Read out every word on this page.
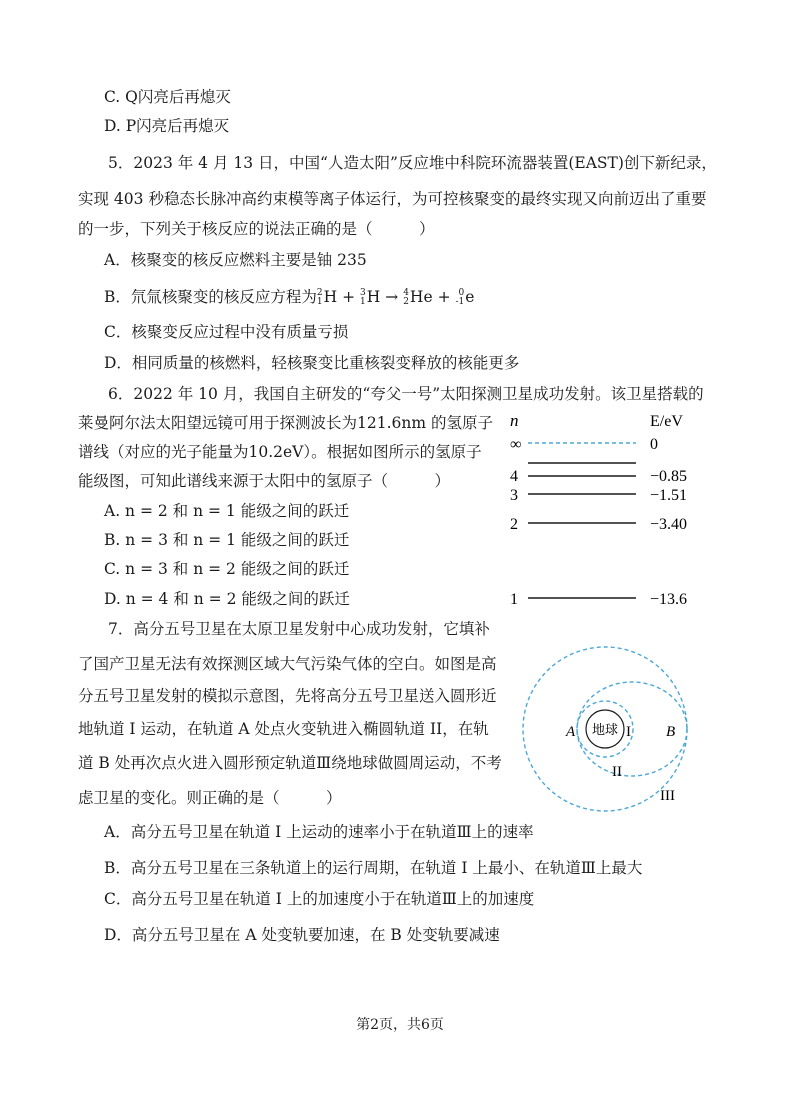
C. Q闪亮后再熄灭
D. P闪亮后再熄灭
5．2023 年 4 月 13 日，中国“人造太阳”反应堆中科院环流器装置(EAST)创下新纪录，
实现 403 秒稳态长脉冲高约束模等离子体运行，为可控核聚变的最终实现又向前迈出了重要
的一步，下列关于核反应的说法正确的是（　　　）
A．核聚变的核反应燃料主要是铀 235
B．氘氚核聚变的核反应方程为 2
1 H + 3
1 H → 4
2 He + 0
-1 e
C．核聚变反应过程中没有质量亏损
D．相同质量的核燃料，轻核聚变比重核裂变释放的核能更多
6．2022 年 10 月，我国自主研发的“夸父一号”太阳探测卫星成功发射。该卫星搭载的
莱曼阿尔法太阳望远镜可用于探测波长为121.6nm 的氢原子
谱线（对应的光子能量为10.2eV）。根据如图所示的氢原子
能级图，可知此谱线来源于太阳中的氢原子（　　　）
A. n = 2 和 n = 1 能级之间的跃迁
B. n = 3 和 n = 1 能级之间的跃迁
C. n = 3 和 n = 2 能级之间的跃迁
D. n = 4 和 n = 2 能级之间的跃迁
n	E/eV
∞	0
4	−0.85
3	−1.51
2	−3.40
1	−13.6
7．高分五号卫星在太原卫星发射中心成功发射，它填补
了国产卫星无法有效探测区域大气污染气体的空白。如图是高
分五号卫星发射的模拟示意图，先将高分五号卫星送入圆形近
地轨道 I 运动，在轨道 A 处点火变轨进入椭圆轨道 II，在轨
道 B 处再次点火进入圆形预定轨道Ⅲ绕地球做圆周运动，不考
虑卫星的变化。则正确的是（　　　）
地球
A	B
I
II
III
A．高分五号卫星在轨道 I 上运动的速率小于在轨道Ⅲ上的速率
B．高分五号卫星在三条轨道上的运行周期，在轨道 I 上最小、在轨道Ⅲ上最大
C．高分五号卫星在轨道 I 上的加速度小于在轨道Ⅲ上的加速度
D．高分五号卫星在 A 处变轨要加速，在 B 处变轨要减速
第2页，共6页
